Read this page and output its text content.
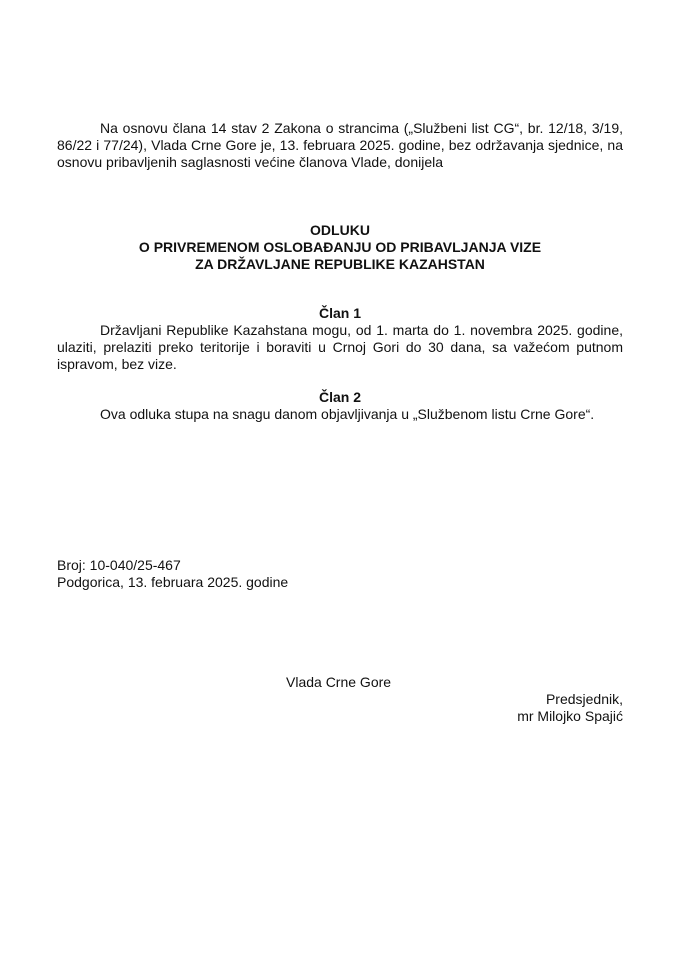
Na osnovu člana 14 stav 2 Zakona o strancima („Službeni list CG“, br. 12/18, 3/19, 86/22 i 77/24), Vlada Crne Gore je, 13. februara 2025. godine, bez održavanja sjednice, na osnovu pribavljenih saglasnosti većine članova Vlade, donijela

ODLUKU
O PRIVREMENOM OSLOBAĐANJU OD PRIBAVLJANJA VIZE
ZA DRŽAVLJANE REPUBLIKE KAZAHSTAN
Član 1

Državljani Republike Kazahstana mogu, od 1. marta do 1. novembra 2025. godine, ulaziti, prelaziti preko teritorije i boraviti u Crnoj Gori do 30 dana, sa važećom putnom ispravom, bez vize.

Član 2

Ova odluka stupa na snagu danom objavljivanja u „Službenom listu Crne Gore“.

Broj: 10-040/25-467
Podgorica, 13. februara 2025. godine
Vlada Crne Gore
Predsjednik,
mr Milojko Spajić
